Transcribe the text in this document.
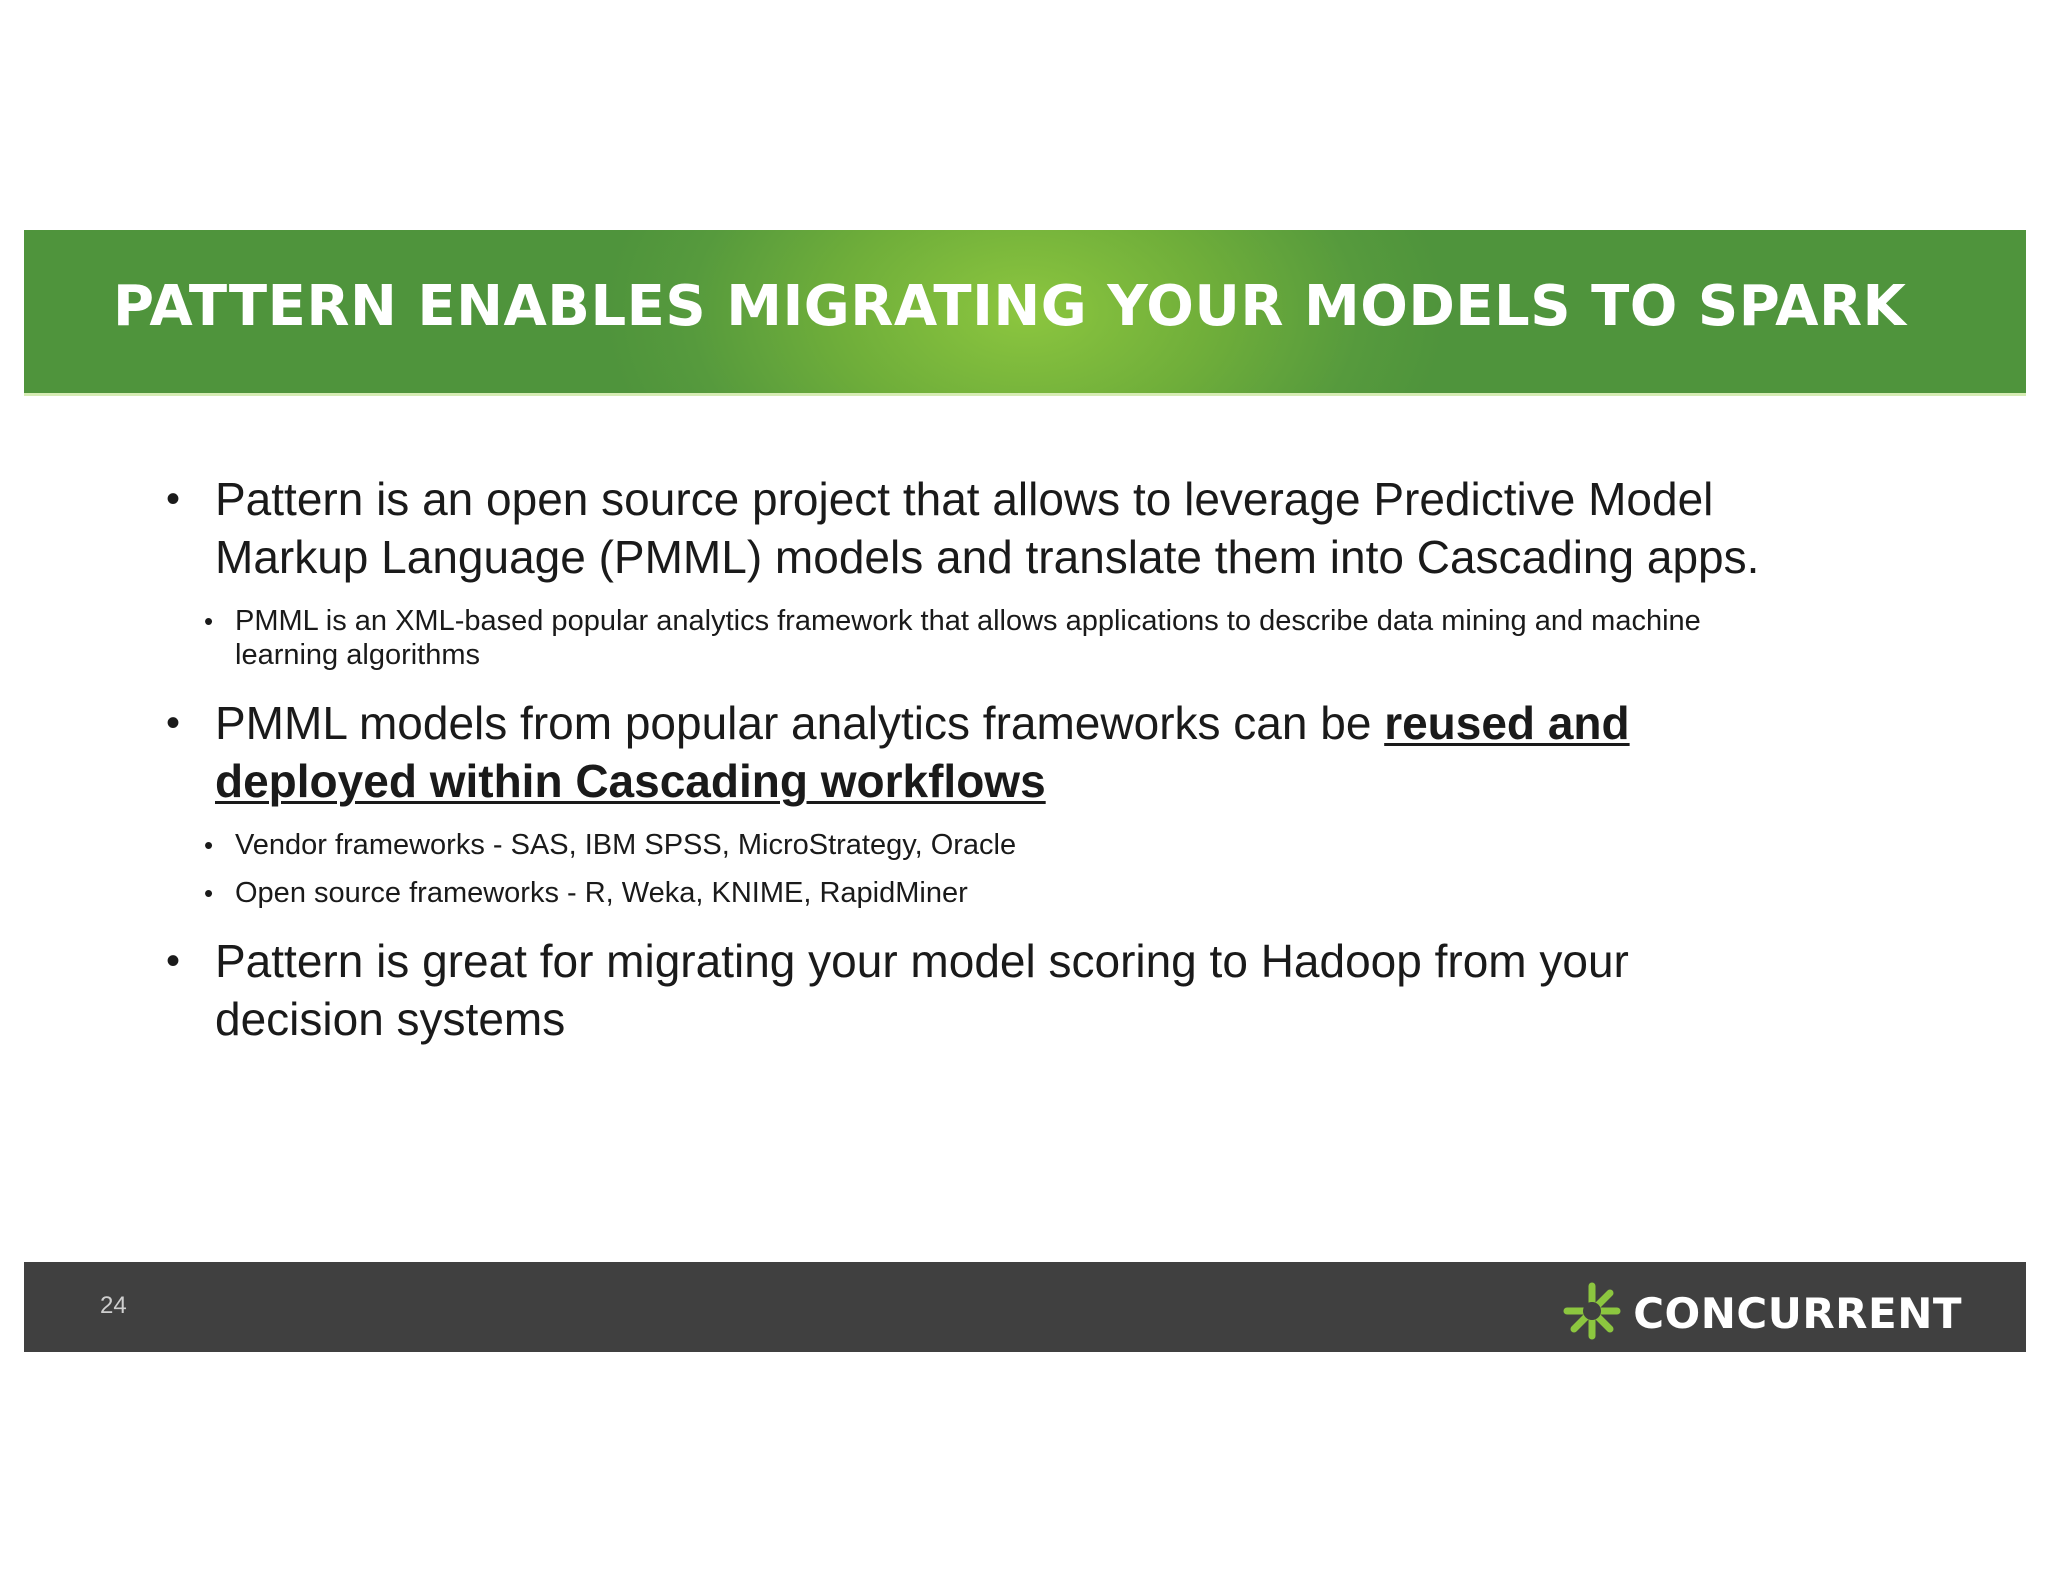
PATTERN ENABLES MIGRATING YOUR MODELS TO SPARK
• Pattern is an open source project that allows to leverage Predictive Model Markup Language (PMML) models and translate them into Cascading apps.
• PMML is an XML-based popular analytics framework that allows applications to describe data mining and machine learning algorithms
• PMML models from popular analytics frameworks can be reused and deployed within Cascading workflows
• Vendor frameworks - SAS, IBM SPSS, MicroStrategy, Oracle
• Open source frameworks - R, Weka, KNIME, RapidMiner
• Pattern is great for migrating your model scoring to Hadoop from your decision systems
24	CONCURRENT
